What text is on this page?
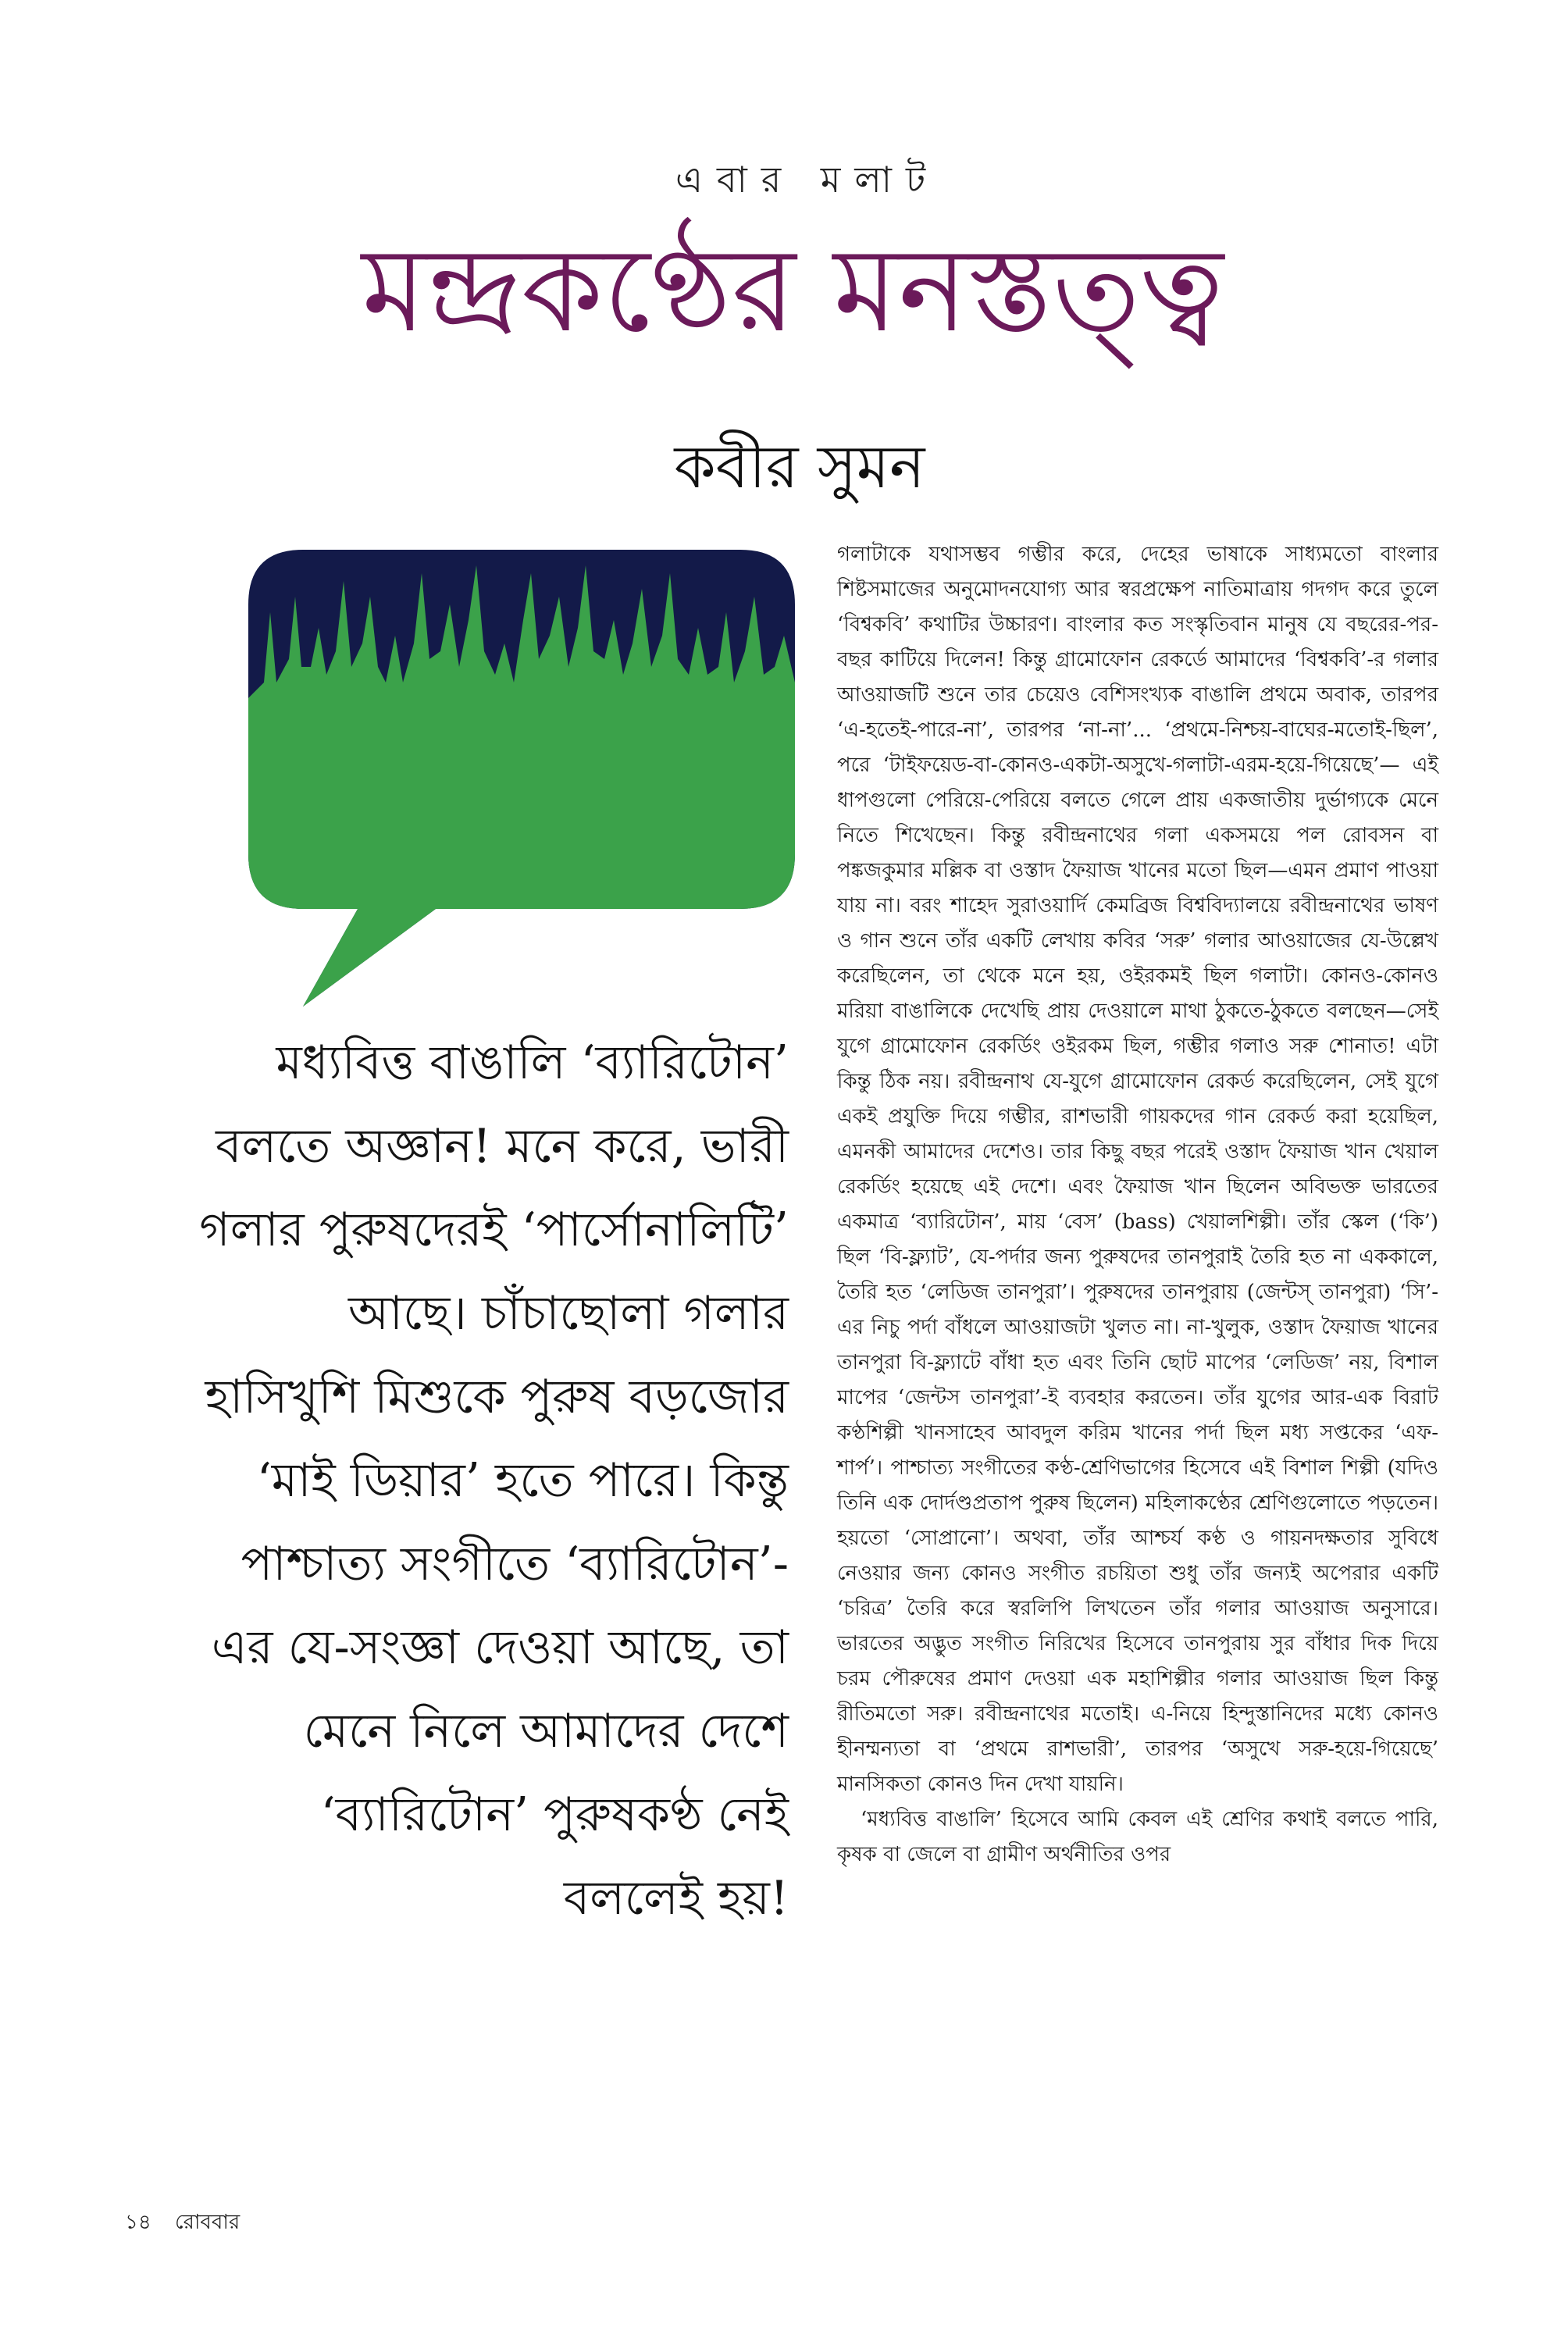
এবার মলাট
মন্দ্রকণ্ঠের মনস্তত্ত্ব
কবীর সুমন

মধ্যবিত্ত বাঙালি ‘ব্যারিটোন’ বলতে অজ্ঞান! মনে করে, ভারী গলার পুরুষদেরই ‘পার্সোনালিটি’ আছে। চাঁচাছোলা গলার হাসিখুশি মিশুকে পুরুষ বড়জোর ‘মাই ডিয়ার’ হতে পারে। কিন্তু পাশ্চাত্য সংগীতে ‘ব্যারিটোন’-এর যে-সংজ্ঞা দেওয়া আছে, তা মেনে নিলে আমাদের দেশে ‘ব্যারিটোন’ পুরুষকণ্ঠ নেই বললেই হয়!

গলাটাকে যথাসম্ভব গম্ভীর করে, দেহের ভাষাকে সাধ্যমতো বাংলার শিষ্টসমাজের অনুমোদনযোগ্য আর স্বরপ্রক্ষেপ নাতিমাত্রায় গদগদ করে তুলে ‘বিশ্বকবি’ কথাটির উচ্চারণ। বাংলার কত সংস্কৃতিবান মানুষ যে বছরের-পর-বছর কাটিয়ে দিলেন! কিন্তু গ্রামোফোন রেকর্ডে আমাদের ‘বিশ্বকবি’-র গলার আওয়াজটি শুনে তার চেয়েও বেশিসংখ্যক বাঙালি প্রথমে অবাক, তারপর ‘এ-হতেই-পারে-না’, তারপর ‘না-না’... ‘প্রথমে-নিশ্চয়-বাঘের-মতোই-ছিল’, পরে ‘টাইফয়েড-বা-কোনও-একটা-অসুখে-গলাটা-এরম-হয়ে-গিয়েছে’— এই ধাপগুলো পেরিয়ে-পেরিয়ে বলতে গেলে প্রায় একজাতীয় দুর্ভাগ্যকে মেনে নিতে শিখেছেন। কিন্তু রবীন্দ্রনাথের গলা একসময়ে পল রোবসন বা পঙ্কজকুমার মল্লিক বা ওস্তাদ ফৈয়াজ খানের মতো ছিল—এমন প্রমাণ পাওয়া যায় না। বরং শাহেদ সুরাওয়ার্দি কেমব্রিজ বিশ্ববিদ্যালয়ে রবীন্দ্রনাথের ভাষণ ও গান শুনে তাঁর একটি লেখায় কবির ‘সরু’ গলার আওয়াজের যে-উল্লেখ করেছিলেন, তা থেকে মনে হয়, ওইরকমই ছিল গলাটা। কোনও-কোনও মরিয়া বাঙালিকে দেখেছি প্রায় দেওয়ালে মাথা ঠুকতে-ঠুকতে বলছেন—সেই যুগে গ্রামোফোন রেকর্ডিং ওইরকম ছিল, গম্ভীর গলাও সরু শোনাত! এটা কিন্তু ঠিক নয়। রবীন্দ্রনাথ যে-যুগে গ্রামোফোন রেকর্ড করেছিলেন, সেই যুগে একই প্রযুক্তি দিয়ে গম্ভীর, রাশভারী গায়কদের গান রেকর্ড করা হয়েছিল, এমনকী আমাদের দেশেও। তার কিছু বছর পরেই ওস্তাদ ফৈয়াজ খান খেয়াল রেকর্ডিং হয়েছে এই দেশে। এবং ফৈয়াজ খান ছিলেন অবিভক্ত ভারতের একমাত্র ‘ব্যারিটোন’, মায় ‘বেস’ (bass) খেয়ালশিল্পী। তাঁর স্কেল (‘কি’) ছিল ‘বি-ফ্ল্যাট’, যে-পর্দার জন্য পুরুষদের তানপুরাই তৈরি হত না এককালে, তৈরি হত ‘লেডিজ তানপুরা’। পুরুষদের তানপুরায় (জেন্টস্ তানপুরা) ‘সি’-এর নিচু পর্দা বাঁধলে আওয়াজটা খুলত না। না-খুলুক, ওস্তাদ ফৈয়াজ খানের তানপুরা বি-ফ্ল্যাটে বাঁধা হত এবং তিনি ছোট মাপের ‘লেডিজ’ নয়, বিশাল মাপের ‘জেন্টস তানপুরা’-ই ব্যবহার করতেন। তাঁর যুগের আর-এক বিরাট কণ্ঠশিল্পী খানসাহেব আবদুল করিম খানের পর্দা ছিল মধ্য সপ্তকের ‘এফ-শার্প’। পাশ্চাত্য সংগীতের কণ্ঠ-শ্রেণিভাগের হিসেবে এই বিশাল শিল্পী (যদিও তিনি এক দোর্দণ্ডপ্রতাপ পুরুষ ছিলেন) মহিলাকণ্ঠের শ্রেণিগুলোতে পড়তেন। হয়তো ‘সোপ্রানো’। অথবা, তাঁর আশ্চর্য কণ্ঠ ও গায়নদক্ষতার সুবিধে নেওয়ার জন্য কোনও সংগীত রচয়িতা শুধু তাঁর জন্যই অপেরার একটি ‘চরিত্র’ তৈরি করে স্বরলিপি লিখতেন তাঁর গলার আওয়াজ অনুসারে। ভারতের অদ্ভুত সংগীত নিরিখের হিসেবে তানপুরায় সুর বাঁধার দিক দিয়ে চরম পৌরুষের প্রমাণ দেওয়া এক মহাশিল্পীর গলার আওয়াজ ছিল কিন্তু রীতিমতো সরু। রবীন্দ্রনাথের মতোই। এ-নিয়ে হিন্দুস্তানিদের মধ্যে কোনও হীনম্মন্যতা বা ‘প্রথমে রাশভারী’, তারপর ‘অসুখে সরু-হয়ে-গিয়েছে’ মানসিকতা কোনও দিন দেখা যায়নি।

‘মধ্যবিত্ত বাঙালি’ হিসেবে আমি কেবল এই শ্রেণির কথাই বলতে পারি, কৃষক বা জেলে বা গ্রামীণ অর্থনীতির ওপর

১৪ রোববার
